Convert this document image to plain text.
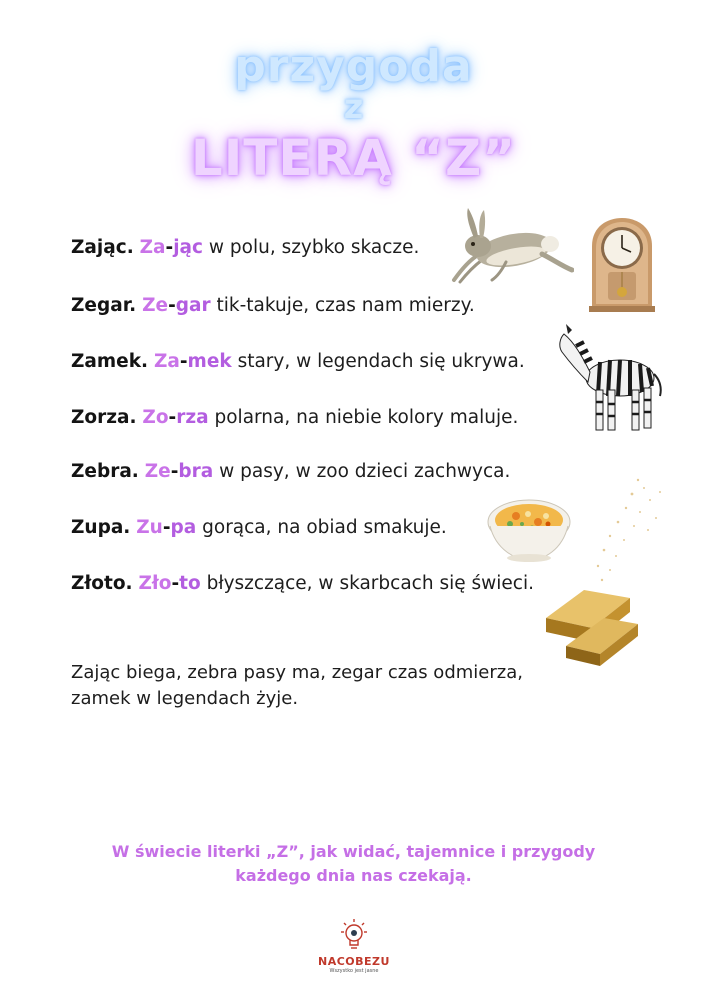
przygoda
z
LITERĄ “Z”
Zając. Za-jąc w polu, szybko skacze.
Zegar. Ze-gar tik-takuje, czas nam mierzy.
Zamek. Za-mek stary, w legendach się ukrywa.
Zorza. Zo-rza polarna, na niebie kolory maluje.
Zebra. Ze-bra w pasy, w zoo dzieci zachwyca.
Zupa. Zu-pa gorąca, na obiad smakuje.
Złoto. Zło-to błyszczące, w skarbcach się świeci.

Zając biega, zebra pasy ma, zegar czas odmierza,

zamek w legendach żyje.

W świecie literki „Z”, jak widać, tajemnice i przygody

każdego dnia nas czekają.

NACOBEZU
Wszystko jest jasne
